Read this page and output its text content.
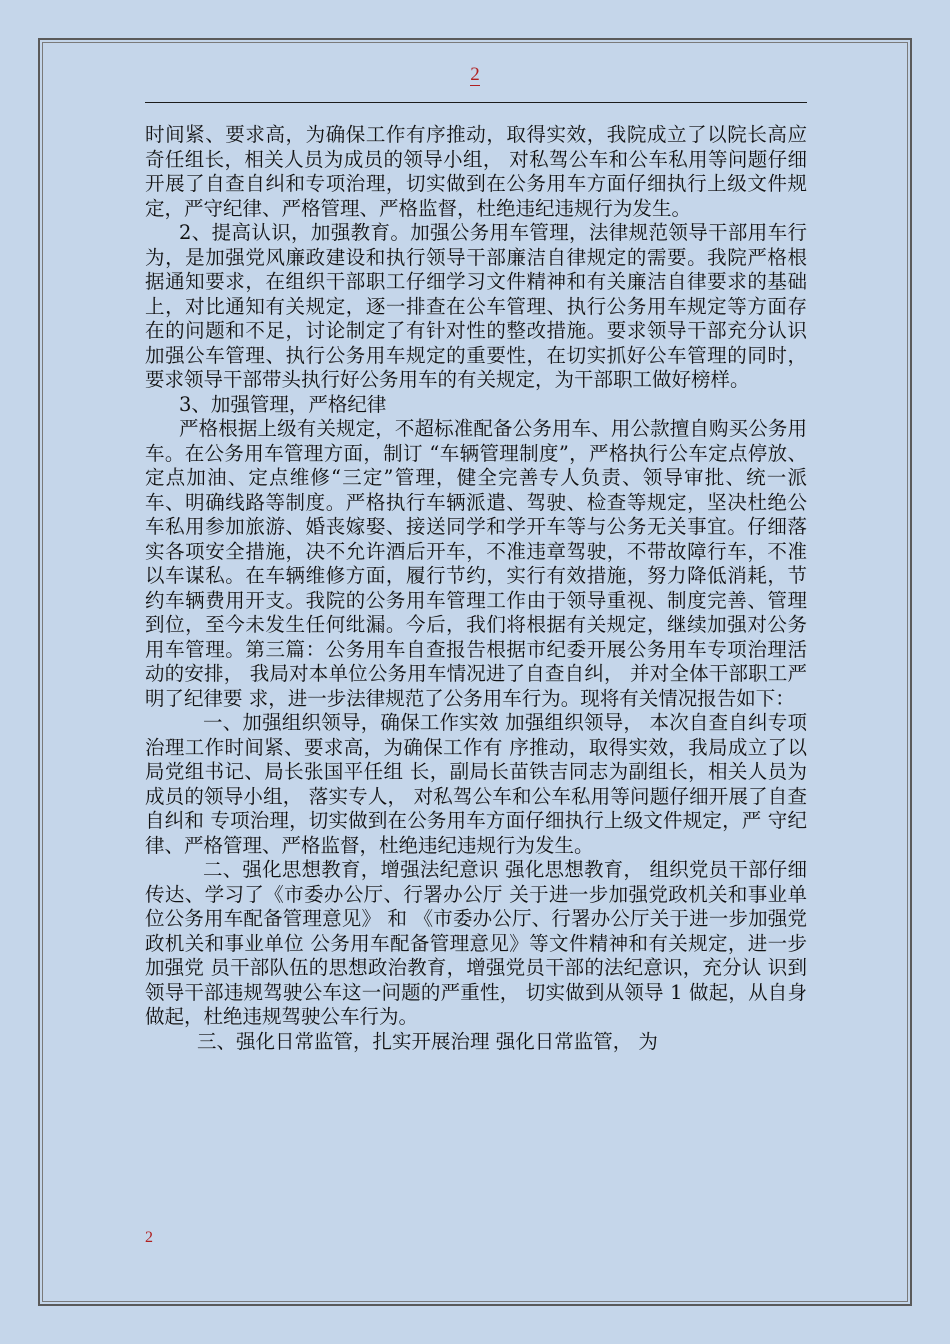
2

时间紧、要求高，为确保工作有序推动，取得实效，我院成立了以院长高应奇任组长，相关人员为成员的领导小组， 对私驾公车和公车私用等问题仔细开展了自查自纠和专项治理，切实做到在公务用车方面仔细执行上级文件规定，严守纪律、严格管理、严格监督，杜绝违纪违规行为发生。

2、提高认识，加强教育。加强公务用车管理，法律规范领导干部用车行为，是加强党风廉政建设和执行领导干部廉洁自律规定的需要。我院严格根据通知要求，在组织干部职工仔细学习文件精神和有关廉洁自律要求的基础上，对比通知有关规定，逐一排查在公车管理、执行公务用车规定等方面存在的问题和不足，讨论制定了有针对性的整改措施。要求领导干部充分认识加强公车管理、执行公务用车规定的重要性，在切实抓好公车管理的同时，要求领导干部带头执行好公务用车的有关规定，为干部职工做好榜样。

3、加强管理，严格纪律

严格根据上级有关规定，不超标准配备公务用车、用公款擅自购买公务用车。在公务用车管理方面，制订 “车辆管理制度”，严格执行公车定点停放、定点加油、定点维修“三定”管理，健全完善专人负责、领导审批、统一派车、明确线路等制度。严格执行车辆派遣、驾驶、检查等规定，坚决杜绝公车私用参加旅游、婚丧嫁娶、接送同学和学开车等与公务无关事宜。仔细落实各项安全措施，决不允许酒后开车，不准违章驾驶，不带故障行车，不准以车谋私。在车辆维修方面，履行节约，实行有效措施，努力降低消耗，节约车辆费用开支。我院的公务用车管理工作由于领导重视、制度完善、管理到位，至今未发生任何纰漏。今后，我们将根据有关规定，继续加强对公务用车管理。第三篇：公务用车自查报告根据市纪委开展公务用车专项治理活动的安排， 我局对本单位公务用车情况进了自查自纠， 并对全体干部职工严明了纪律要 求，进一步法律规范了公务用车行为。现将有关情况报告如下：

一、加强组织领导，确保工作实效 加强组织领导， 本次自查自纠专项治理工作时间紧、要求高，为确保工作有 序推动，取得实效，我局成立了以局党组书记、局长张国平任组 长，副局长苗铁吉同志为副组长，相关人员为成员的领导小组， 落实专人， 对私驾公车和公车私用等问题仔细开展了自查自纠和 专项治理，切实做到在公务用车方面仔细执行上级文件规定，严 守纪律、严格管理、严格监督，杜绝违纪违规行为发生。

二、强化思想教育，增强法纪意识 强化思想教育， 组织党员干部仔细传达、学习了《市委办公厅、行署办公厅 关于进一步加强党政机关和事业单位公务用车配备管理意见》 和 《市委办公厅、行署办公厅关于进一步加强党政机关和事业单位 公务用车配备管理意见》等文件精神和有关规定，进一步加强党 员干部队伍的思想政治教育，增强党员干部的法纪意识，充分认 识到领导干部违规驾驶公车这一问题的严重性， 切实做到从领导 1 做起，从自身做起，杜绝违规驾驶公车行为。

三、强化日常监管，扎实开展治理 强化日常监管， 为

2
